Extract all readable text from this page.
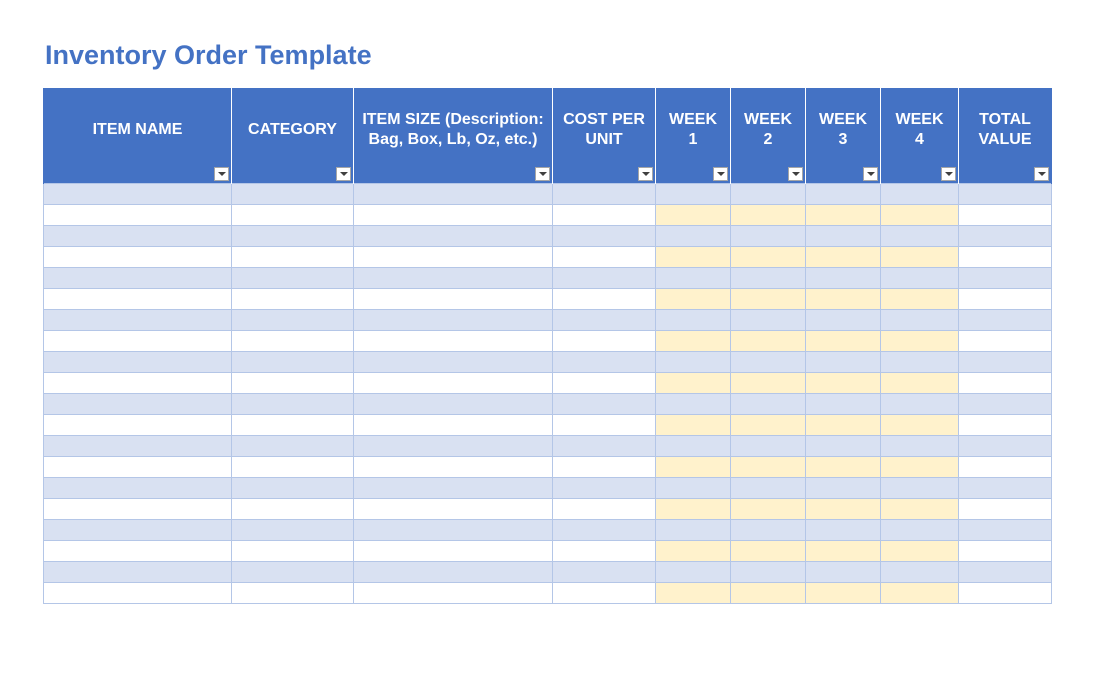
Inventory Order Template
ITEM NAME	CATEGORY	ITEM SIZE (Description: Bag, Box, Lb, Oz, etc.)	COST PER UNIT	WEEK 1	WEEK 2	WEEK 3	WEEK 4	TOTAL VALUE
